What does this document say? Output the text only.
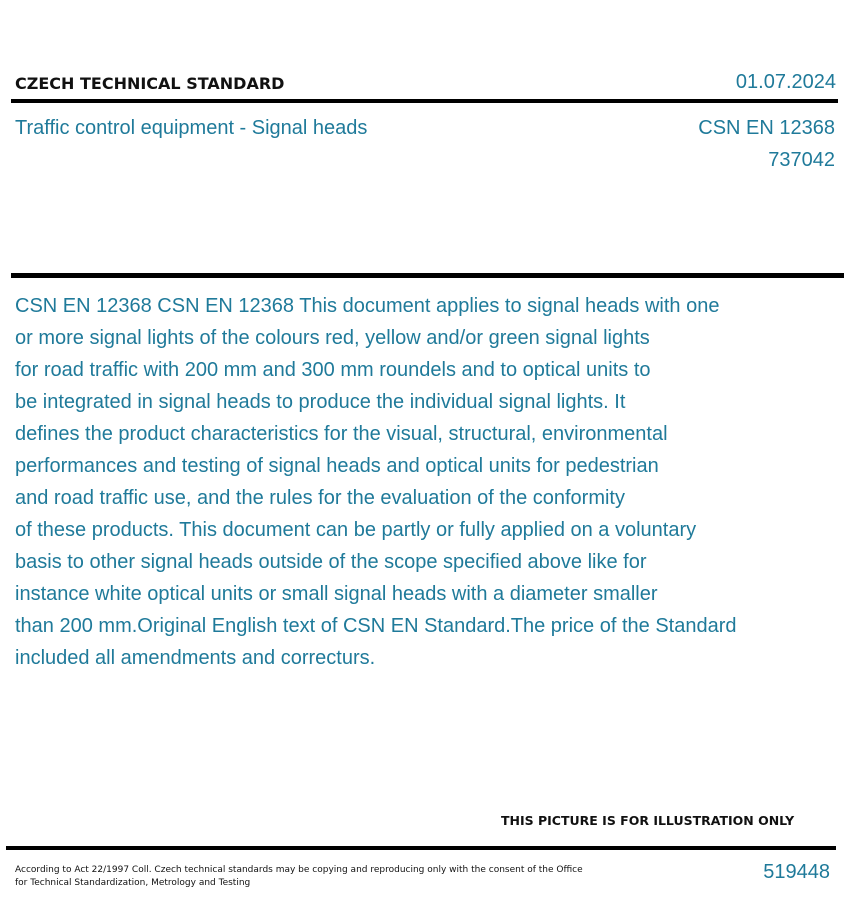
CZECH TECHNICAL STANDARD	01.07.2024
Traffic control equipment - Signal heads	CSN EN 12368
737042
CSN EN 12368 CSN EN 12368 This document applies to signal heads with one
or more signal lights of the colours red, yellow and/or green signal lights
for road traffic with 200 mm and 300 mm roundels and to optical units to
be integrated in signal heads to produce the individual signal lights. It
defines the product characteristics for the visual, structural, environmental
performances and testing of signal heads and optical units for pedestrian
and road traffic use, and the rules for the evaluation of the conformity
of these products. This document can be partly or fully applied on a voluntary
basis to other signal heads outside of the scope specified above like for
instance white optical units or small signal heads with a diameter smaller
than 200 mm.Original English text of CSN EN Standard.The price of the Standard
included all amendments and correcturs.
THIS PICTURE IS FOR ILLUSTRATION ONLY
According to Act 22/1997 Coll. Czech technical standards may be copying and reproducing only with the consent of the Office
for Technical Standardization, Metrology and Testing	519448
